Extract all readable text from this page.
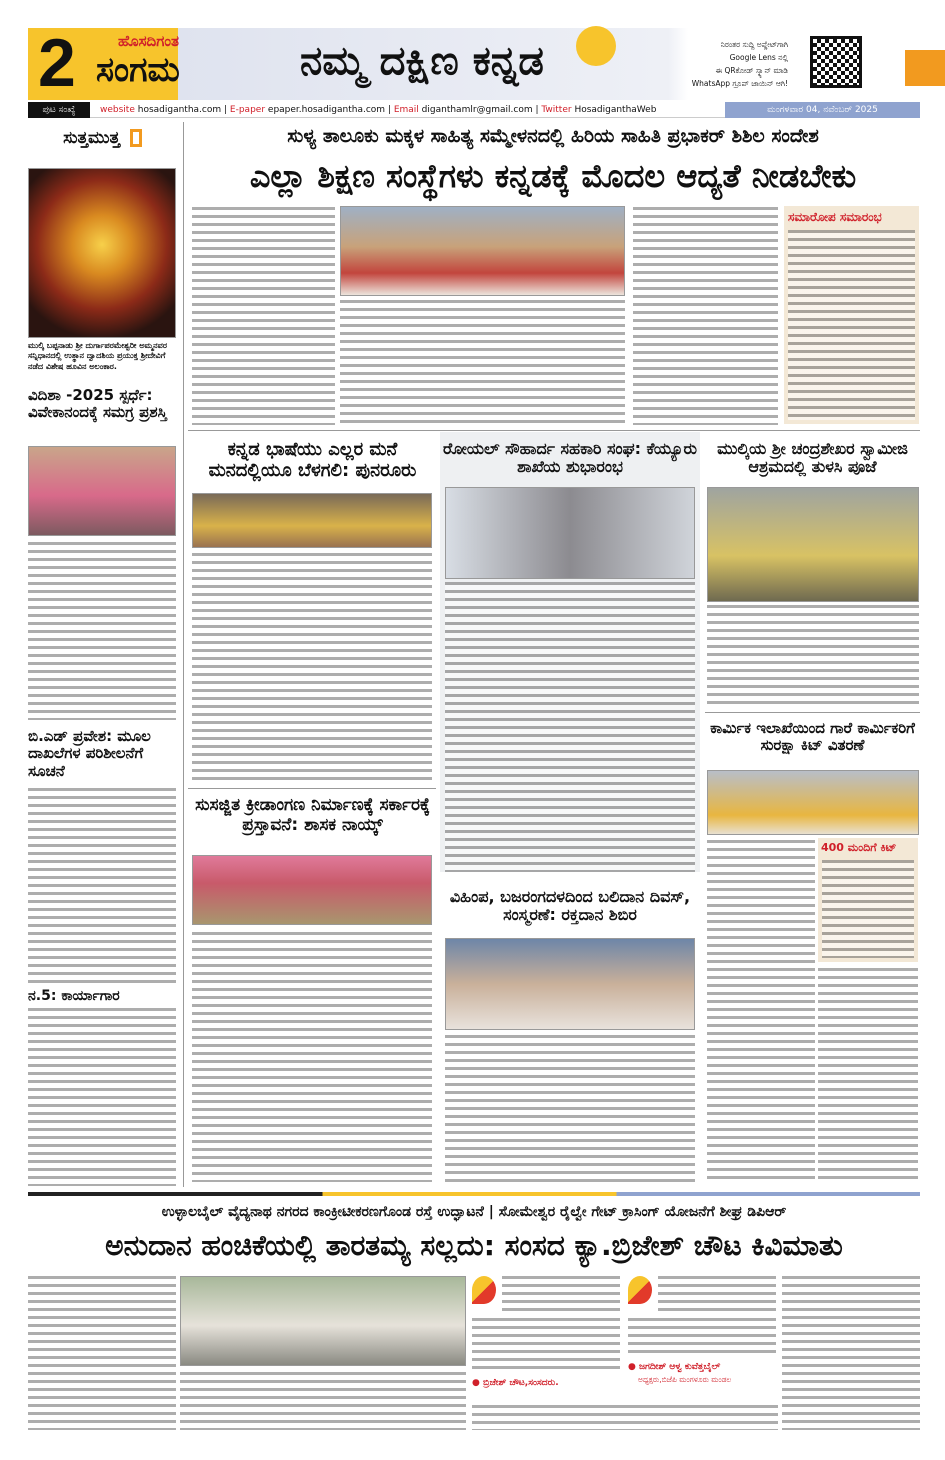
2	ಹೊಸದಿಗಂತ
ಸಂಗಮ	ನಮ್ಮ ದಕ್ಷಿಣ ಕನ್ನಡ	ನಿರಂತರ ಸುದ್ದಿ ಅಪ್ಡೇಟ್‌ಗಾಗಿ
Google Lens ನಲ್ಲಿ
ಈ QRಕೋಡ್ ಸ್ಕ್ಯಾನ್ ಮಾಡಿ
WhatsApp ಗ್ರೂಪ್ ಜಾಯಿನ್ ಆಗಿ!
ಪುಟ ಸಂಖ್ಯೆ	website hosadigantha.com | E-paper epaper.hosadigantha.com | Email diganthamlr@gmail.com | Twitter HosadiganthaWeb	ಮಂಗಳವಾರ 04, ನವೆಂಬರ್ 2025
ಸುತ್ತಮುತ್ತ
ಮುಲ್ಕಿ ಬಪ್ಪನಾಡು ಶ್ರೀ ದುರ್ಗಾಪರಮೇಶ್ವರೀ ಅಮ್ಮನವರ ಸನ್ನಿಧಾನದಲ್ಲಿ ಉತ್ಥಾನ ದ್ವಾದಶಿಯ ಪ್ರಯುಕ್ತ ಶ್ರೀದೇವಿಗೆ ನಡೆದ ವಿಶೇಷ ಹೂವಿನ ಅಲಂಕಾರ.
ವಿದಿಶಾ -2025 ಸ್ಪರ್ಧೆ: ವಿವೇಕಾನಂದಕ್ಕೆ ಸಮಗ್ರ ಪ್ರಶಸ್ತಿ
ಬಿ.ಎಡ್ ಪ್ರವೇಶ: ಮೂಲ ದಾಖಲೆಗಳ ಪರಿಶೀಲನೆಗೆ ಸೂಚನೆ
ನ.5: ಕಾರ್ಯಾಗಾರ
ಸುಳ್ಯ ತಾಲೂಕು ಮಕ್ಕಳ ಸಾಹಿತ್ಯ ಸಮ್ಮೇಳನದಲ್ಲಿ ಹಿರಿಯ ಸಾಹಿತಿ ಪ್ರಭಾಕರ್ ಶಿಶಿಲ ಸಂದೇಶ
ಎಲ್ಲಾ ಶಿಕ್ಷಣ ಸಂಸ್ಥೆಗಳು ಕನ್ನಡಕ್ಕೆ ಮೊದಲ ಆದ್ಯತೆ ನೀಡಬೇಕು
ಸಮಾರೋಪ ಸಮಾರಂಭ
ಕನ್ನಡ ಭಾಷೆಯು ಎಲ್ಲರ ಮನೆ ಮನದಲ್ಲಿಯೂ ಬೆಳಗಲಿ: ಪುನರೂರು
ರೋಯಲ್ ಸೌಹಾರ್ದ ಸಹಕಾರಿ ಸಂಘ: ಕೆಯ್ಯೂರು ಶಾಖೆಯ ಶುಭಾರಂಭ
ಮುಲ್ಕಿಯ ಶ್ರೀ ಚಂದ್ರಶೇಖರ ಸ್ವಾಮೀಜಿ ಆಶ್ರಮದಲ್ಲಿ ತುಳಸಿ ಪೂಜೆ
ಕಾರ್ಮಿಕ ಇಲಾಖೆಯಿಂದ ಗಾರೆ ಕಾರ್ಮಿಕರಿಗೆ ಸುರಕ್ಷಾ ಕಿಟ್ ವಿತರಣೆ
400 ಮಂದಿಗೆ ಕಿಟ್
ಸುಸಜ್ಜಿತ ಕ್ರೀಡಾಂಗಣ ನಿರ್ಮಾಣಕ್ಕೆ ಸರ್ಕಾರಕ್ಕೆ ಪ್ರಸ್ತಾವನೆ: ಶಾಸಕ ನಾಯ್ಕ್
ವಿಹಿಂಪ, ಬಜರಂಗದಳದಿಂದ ಬಲಿದಾನ ದಿವಸ್, ಸಂಸ್ಮರಣೆ: ರಕ್ತದಾನ ಶಿಬಿರ
ಉಳ್ಳಾಲಬೈಲ್ ವೈದ್ಯನಾಥ ನಗರದ ಕಾಂಕ್ರೀಟೀಕರಣಗೊಂಡ ರಸ್ತೆ ಉದ್ಘಾಟನೆ | ಸೋಮೇಶ್ವರ ರೈಲ್ವೇ ಗೇಟ್ ಕ್ರಾಸಿಂಗ್ ಯೋಜನೆಗೆ ಶೀಘ್ರ ಡಿಪಿಆರ್
ಅನುದಾನ ಹಂಚಿಕೆಯಲ್ಲಿ ತಾರತಮ್ಯ ಸಲ್ಲದು: ಸಂಸದ ಕ್ಯಾ.ಬ್ರಿಜೇಶ್ ಚೌಟ ಕಿವಿಮಾತು
● ಬ್ರಿಜೇಶ್ ಚೌಟ,ಸಂಸದರು.
● ಜಗದೀಶ್ ಆಳ್ವ ಕುವೆತ್ತಬೈಲ್
ಅಧ್ಯಕ್ಷರು,ಬಿಜೆಪಿ ಮಂಗಳೂರು ಮಂಡಲ
